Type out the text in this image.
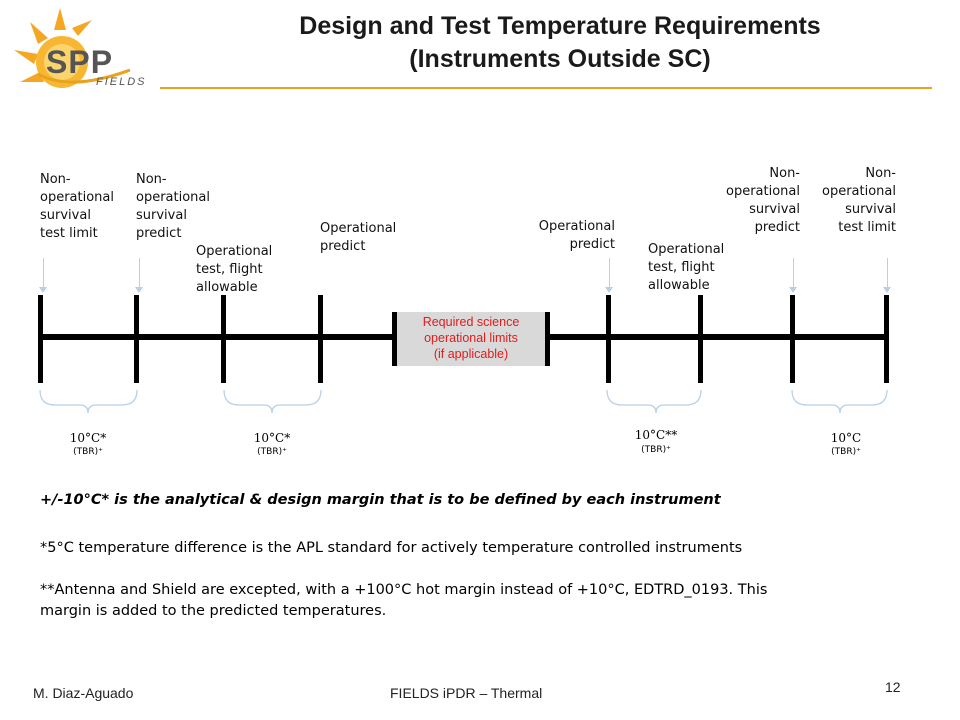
SPP
FIELDS
Design and Test Temperature Requirements
(Instruments Outside SC)
Non-
operational
survival
test limit
Non-
operational
survival
predict
Operational
test, flight
allowable
Operational
predict
Operational
predict	Operational
test, flight
allowable
Non-
operational
survival
predict
Non-
operational
survival
test limit
Required science
operational limits
(if applicable)
10°C*
(TBR)⁺
10°C*
(TBR)⁺
10°C**
(TBR)⁺
10°C
(TBR)⁺
+/-10°C* is the analytical & design margin that is to be defined by each instrument
*5°C temperature difference is the APL standard for actively temperature controlled instruments
**Antenna and Shield are excepted, with a +100°C hot margin instead of +10°C, EDTRD_0193. This
margin is added to the predicted temperatures.
M. Diaz-Aguado	FIELDS iPDR – Thermal	12
